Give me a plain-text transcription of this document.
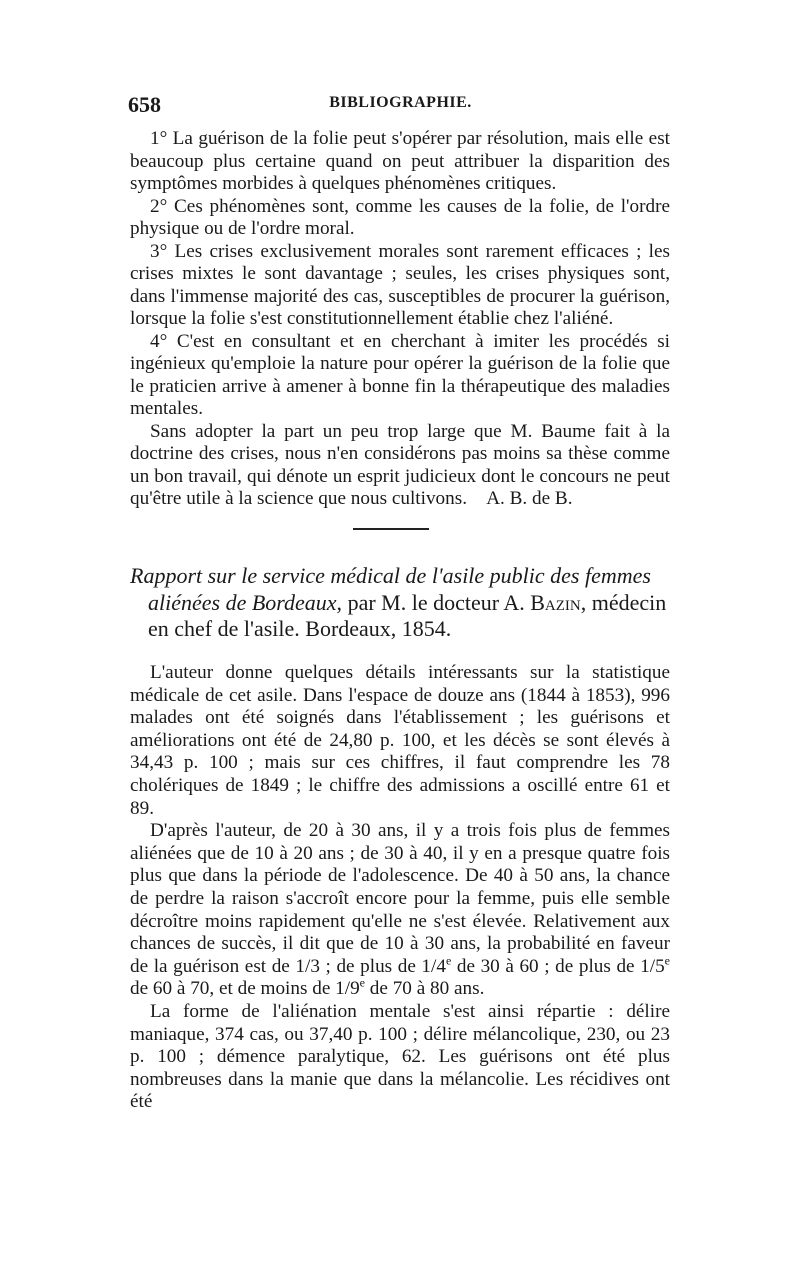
658	BIBLIOGRAPHIE.

1° La guérison de la folie peut s'opérer par résolution, mais elle est beaucoup plus certaine quand on peut attribuer la disparition des symptômes morbides à quelques phénomènes critiques.

2° Ces phénomènes sont, comme les causes de la folie, de l'ordre physique ou de l'ordre moral.

3° Les crises exclusivement morales sont rarement efficaces ; les crises mixtes le sont davantage ; seules, les crises physiques sont, dans l'immense majorité des cas, susceptibles de procurer la guérison, lorsque la folie s'est constitutionnellement établie chez l'aliéné.

4° C'est en consultant et en cherchant à imiter les procédés si ingénieux qu'emploie la nature pour opérer la guérison de la folie que le praticien arrive à amener à bonne fin la thérapeutique des maladies mentales.

Sans adopter la part un peu trop large que M. Baume fait à la doctrine des crises, nous n'en considérons pas moins sa thèse comme un bon travail, qui dénote un esprit judicieux dont le concours ne peut qu'être utile à la science que nous cultivons. A. B. de B.

Rapport sur le service médical de l'asile public des femmes
aliénées de Bordeaux, par M. le docteur A. Bazin, médecin
en chef de l'asile. Bordeaux, 1854.

L'auteur donne quelques détails intéressants sur la statistique médicale de cet asile. Dans l'espace de douze ans (1844 à 1853), 996 malades ont été soignés dans l'établissement ; les guérisons et améliorations ont été de 24,80 p. 100, et les décès se sont élevés à 34,43 p. 100 ; mais sur ces chiffres, il faut comprendre les 78 cholériques de 1849 ; le chiffre des admissions a oscillé entre 61 et 89.

D'après l'auteur, de 20 à 30 ans, il y a trois fois plus de femmes aliénées que de 10 à 20 ans ; de 30 à 40, il y en a presque quatre fois plus que dans la période de l'adolescence. De 40 à 50 ans, la chance de perdre la raison s'accroît encore pour la femme, puis elle semble décroître moins rapidement qu'elle ne s'est élevée. Relativement aux chances de succès, il dit que de 10 à 30 ans, la probabilité en faveur de la guérison est de 1/3 ; de plus de 1/4e de 30 à 60 ; de plus de 1/5e de 60 à 70, et de moins de 1/9e de 70 à 80 ans.

La forme de l'aliénation mentale s'est ainsi répartie : délire maniaque, 374 cas, ou 37,40 p. 100 ; délire mélancolique, 230, ou 23 p. 100 ; démence paralytique, 62. Les guérisons ont été plus nombreuses dans la manie que dans la mélancolie. Les récidives ont été
